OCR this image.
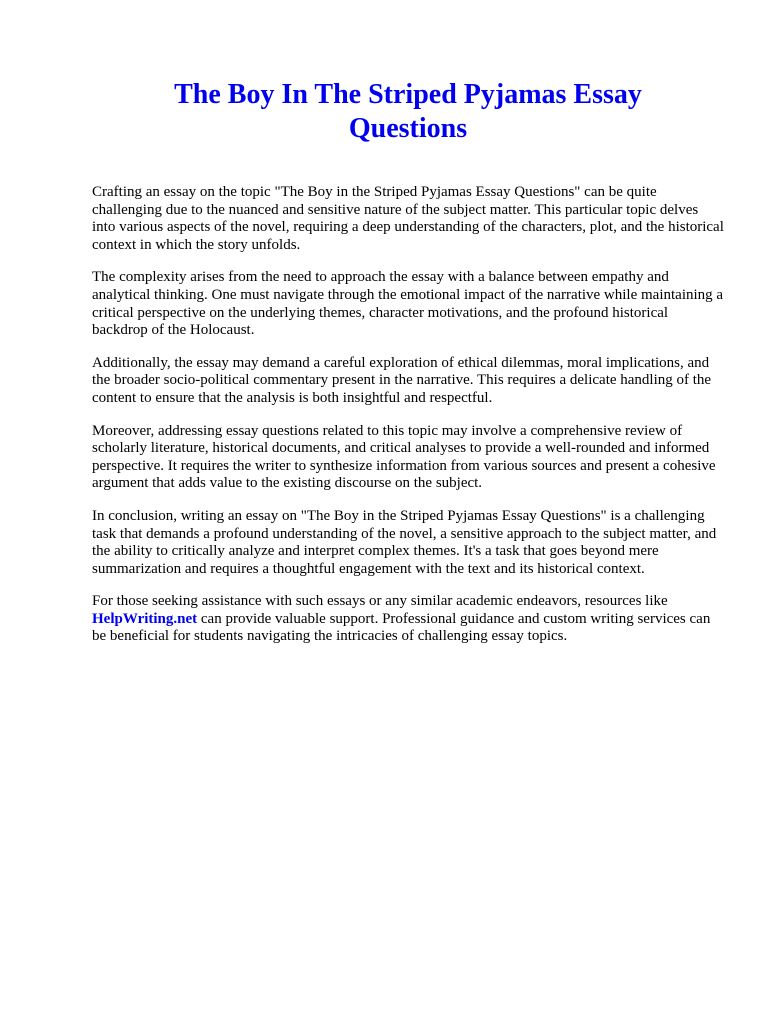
The Boy In The Striped Pyjamas Essay
Questions

Crafting an essay on the topic "The Boy in the Striped Pyjamas Essay Questions" can be quite challenging due to the nuanced and sensitive nature of the subject matter. This particular topic delves into various aspects of the novel, requiring a deep understanding of the characters, plot, and the historical context in which the story unfolds.

The complexity arises from the need to approach the essay with a balance between empathy and analytical thinking. One must navigate through the emotional impact of the narrative while maintaining a critical perspective on the underlying themes, character motivations, and the profound historical backdrop of the Holocaust.

Additionally, the essay may demand a careful exploration of ethical dilemmas, moral implications, and the broader socio-political commentary present in the narrative. This requires a delicate handling of the content to ensure that the analysis is both insightful and respectful.

Moreover, addressing essay questions related to this topic may involve a comprehensive review of scholarly literature, historical documents, and critical analyses to provide a well-rounded and informed perspective. It requires the writer to synthesize information from various sources and present a cohesive argument that adds value to the existing discourse on the subject.

In conclusion, writing an essay on "The Boy in the Striped Pyjamas Essay Questions" is a challenging task that demands a profound understanding of the novel, a sensitive approach to the subject matter, and the ability to critically analyze and interpret complex themes. It's a task that goes beyond mere summarization and requires a thoughtful engagement with the text and its historical context.

For those seeking assistance with such essays or any similar academic endeavors, resources like HelpWriting.net can provide valuable support. Professional guidance and custom writing services can be beneficial for students navigating the intricacies of challenging essay topics.
